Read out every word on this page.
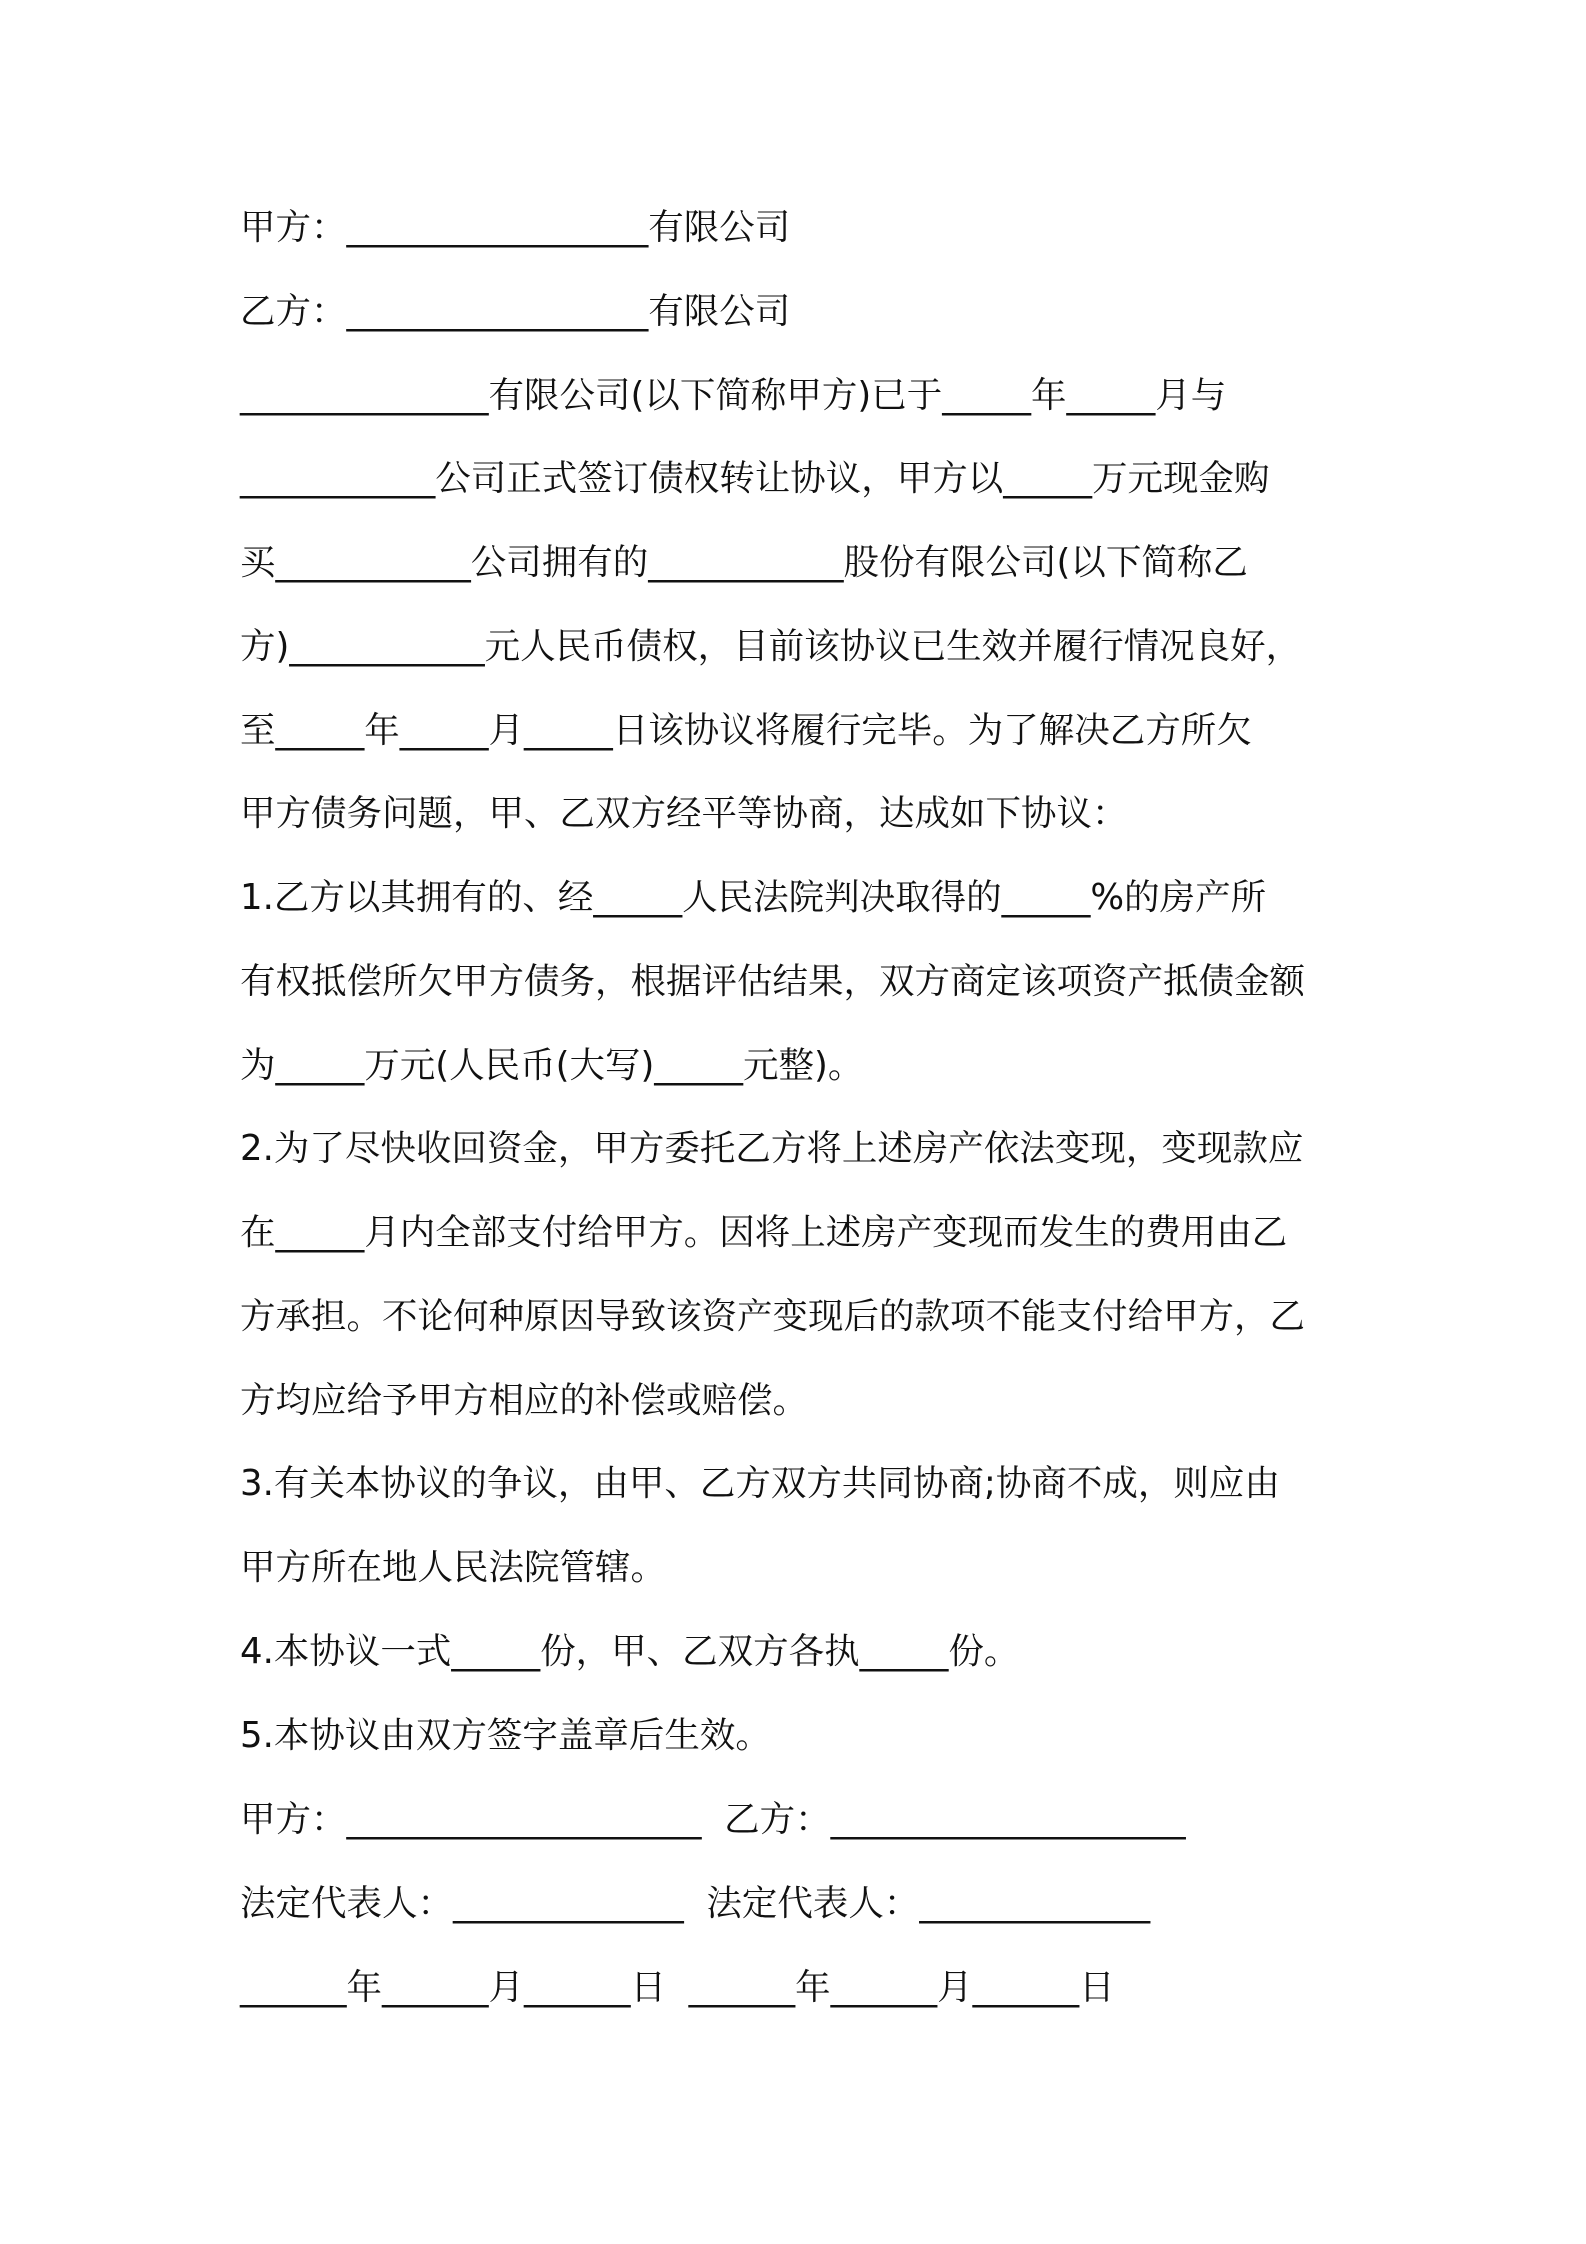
甲方：_________________有限公司
乙方：_________________有限公司
______________有限公司(以下简称甲方)已于_____年_____月与
___________公司正式签订债权转让协议，甲方以_____万元现金购
买___________公司拥有的___________股份有限公司(以下简称乙
方)___________元人民币债权，目前该协议已生效并履行情况良好，
至_____年_____月_____日该协议将履行完毕。为了解决乙方所欠
甲方债务问题，甲、乙双方经平等协商，达成如下协议：
1.乙方以其拥有的、经_____人民法院判决取得的_____%的房产所
有权抵偿所欠甲方债务，根据评估结果，双方商定该项资产抵债金额
为_____万元(人民币(大写)_____元整)。
2.为了尽快收回资金，甲方委托乙方将上述房产依法变现，变现款应
在_____月内全部支付给甲方。因将上述房产变现而发生的费用由乙
方承担。不论何种原因导致该资产变现后的款项不能支付给甲方，乙
方均应给予甲方相应的补偿或赔偿。
3.有关本协议的争议，由甲、乙方双方共同协商;协商不成，则应由
甲方所在地人民法院管辖。
4.本协议一式_____份，甲、乙双方各执_____份。
5.本协议由双方签字盖章后生效。
甲方：____________________  乙方：____________________
法定代表人：_____________  法定代表人：_____________
______年______月______日  ______年______月______日
